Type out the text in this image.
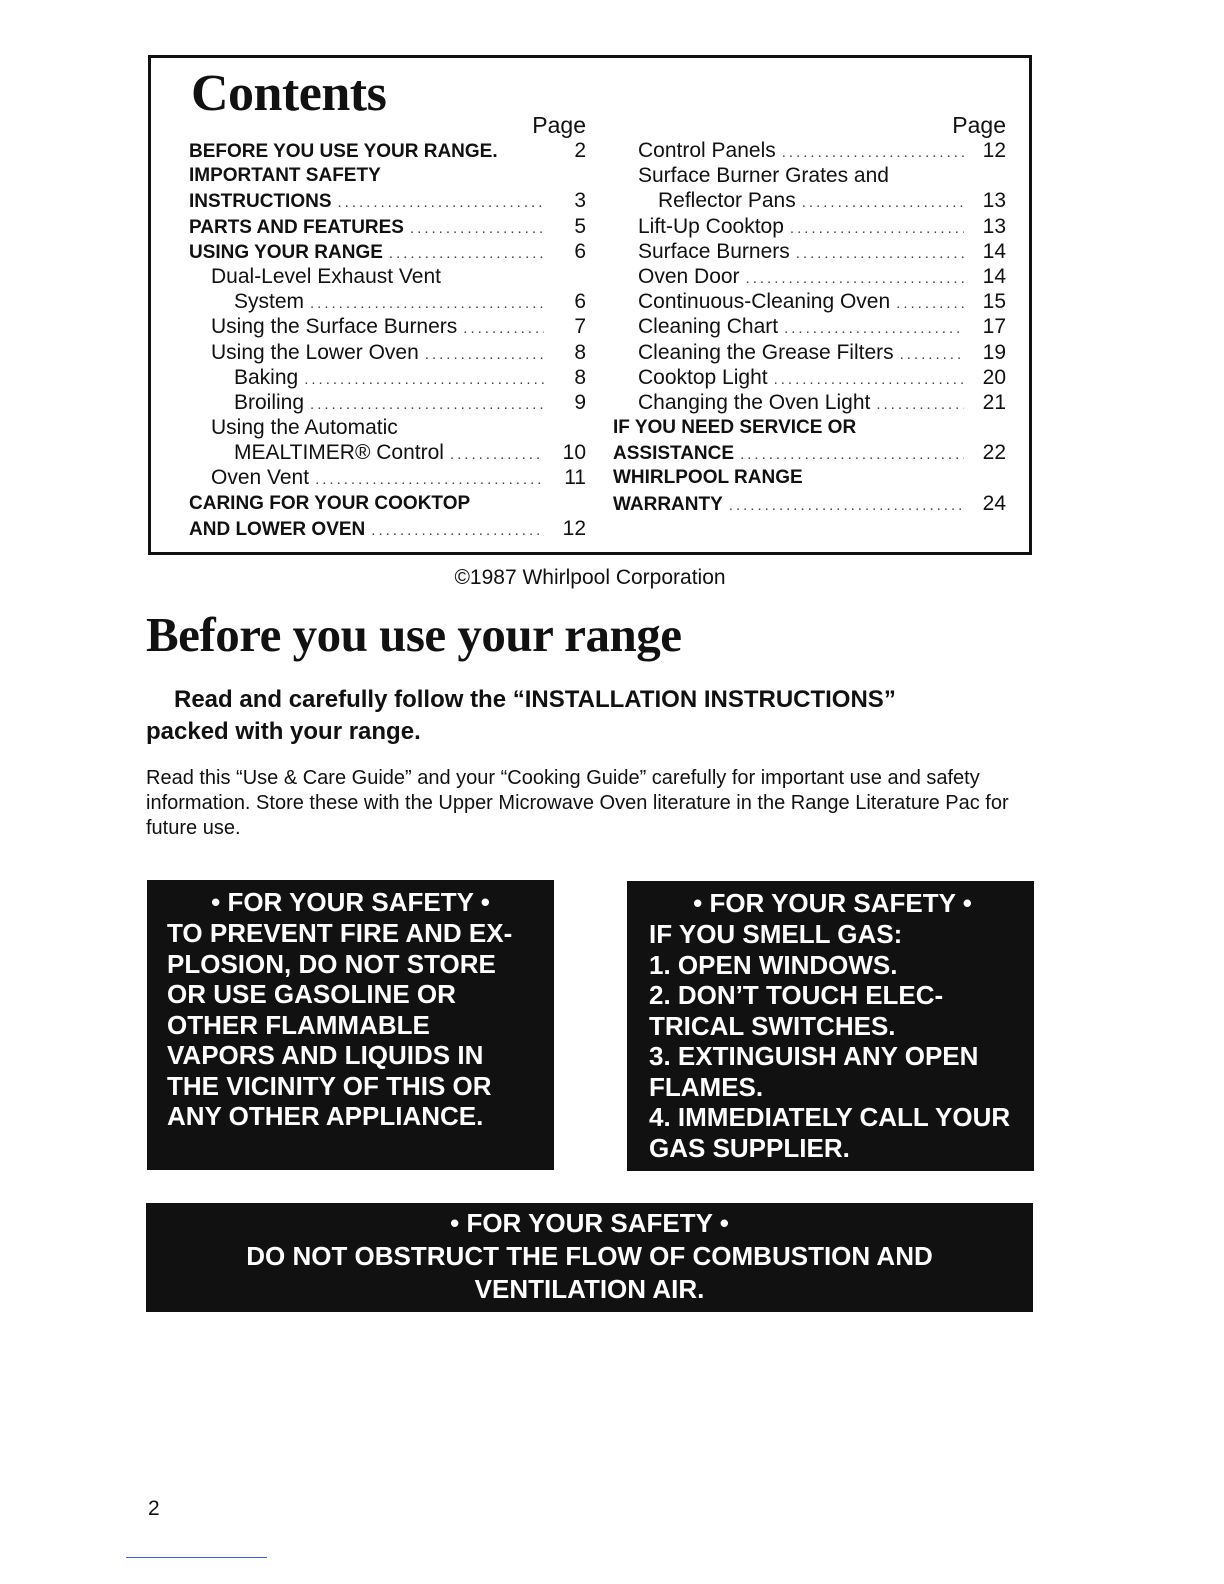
Contents
Page
BEFORE YOU USE YOUR RANGE.	2
IMPORTANT SAFETY
INSTRUCTIONS .....	3
PARTS AND FEATURES .....	5
USING YOUR RANGE .....	6
Dual-Level Exhaust Vent
System .....	6
Using the Surface Burners .....	7
Using the Lower Oven .....	8
Baking .....	8
Broiling .....	9
Using the Automatic
MEALTIMER® Control .....	10
Oven Vent .....	11
CARING FOR YOUR COOKTOP
AND LOWER OVEN .....	12
Page
Control Panels .....	12
Surface Burner Grates and
Reflector Pans .....	13
Lift-Up Cooktop .....	13
Surface Burners .....	14
Oven Door .....	14
Continuous-Cleaning Oven .....	15
Cleaning Chart .....	17
Cleaning the Grease Filters .....	19
Cooktop Light .....	20
Changing the Oven Light .....	21
IF YOU NEED SERVICE OR
ASSISTANCE .....	22
WHIRLPOOL RANGE
WARRANTY .....	24
©1987 Whirlpool Corporation
Before you use your range

Read and carefully follow the “INSTALLATION INSTRUCTIONS”
packed with your range.

Read this “Use & Care Guide” and your “Cooking Guide” carefully for important use and safety information. Store these with the Upper Microwave Oven literature in the Range Literature Pac for future use.

• FOR YOUR SAFETY •
TO PREVENT FIRE AND EX-
PLOSION, DO NOT STORE
OR USE GASOLINE OR
OTHER FLAMMABLE
VAPORS AND LIQUIDS IN
THE VICINITY OF THIS OR
ANY OTHER APPLIANCE.
• FOR YOUR SAFETY •
IF YOU SMELL GAS:
1. OPEN WINDOWS.
2. DON’T TOUCH ELEC-
TRICAL SWITCHES.
3. EXTINGUISH ANY OPEN
FLAMES.
4. IMMEDIATELY CALL YOUR
GAS SUPPLIER.
• FOR YOUR SAFETY •
DO NOT OBSTRUCT THE FLOW OF COMBUSTION AND
VENTILATION AIR.
2
